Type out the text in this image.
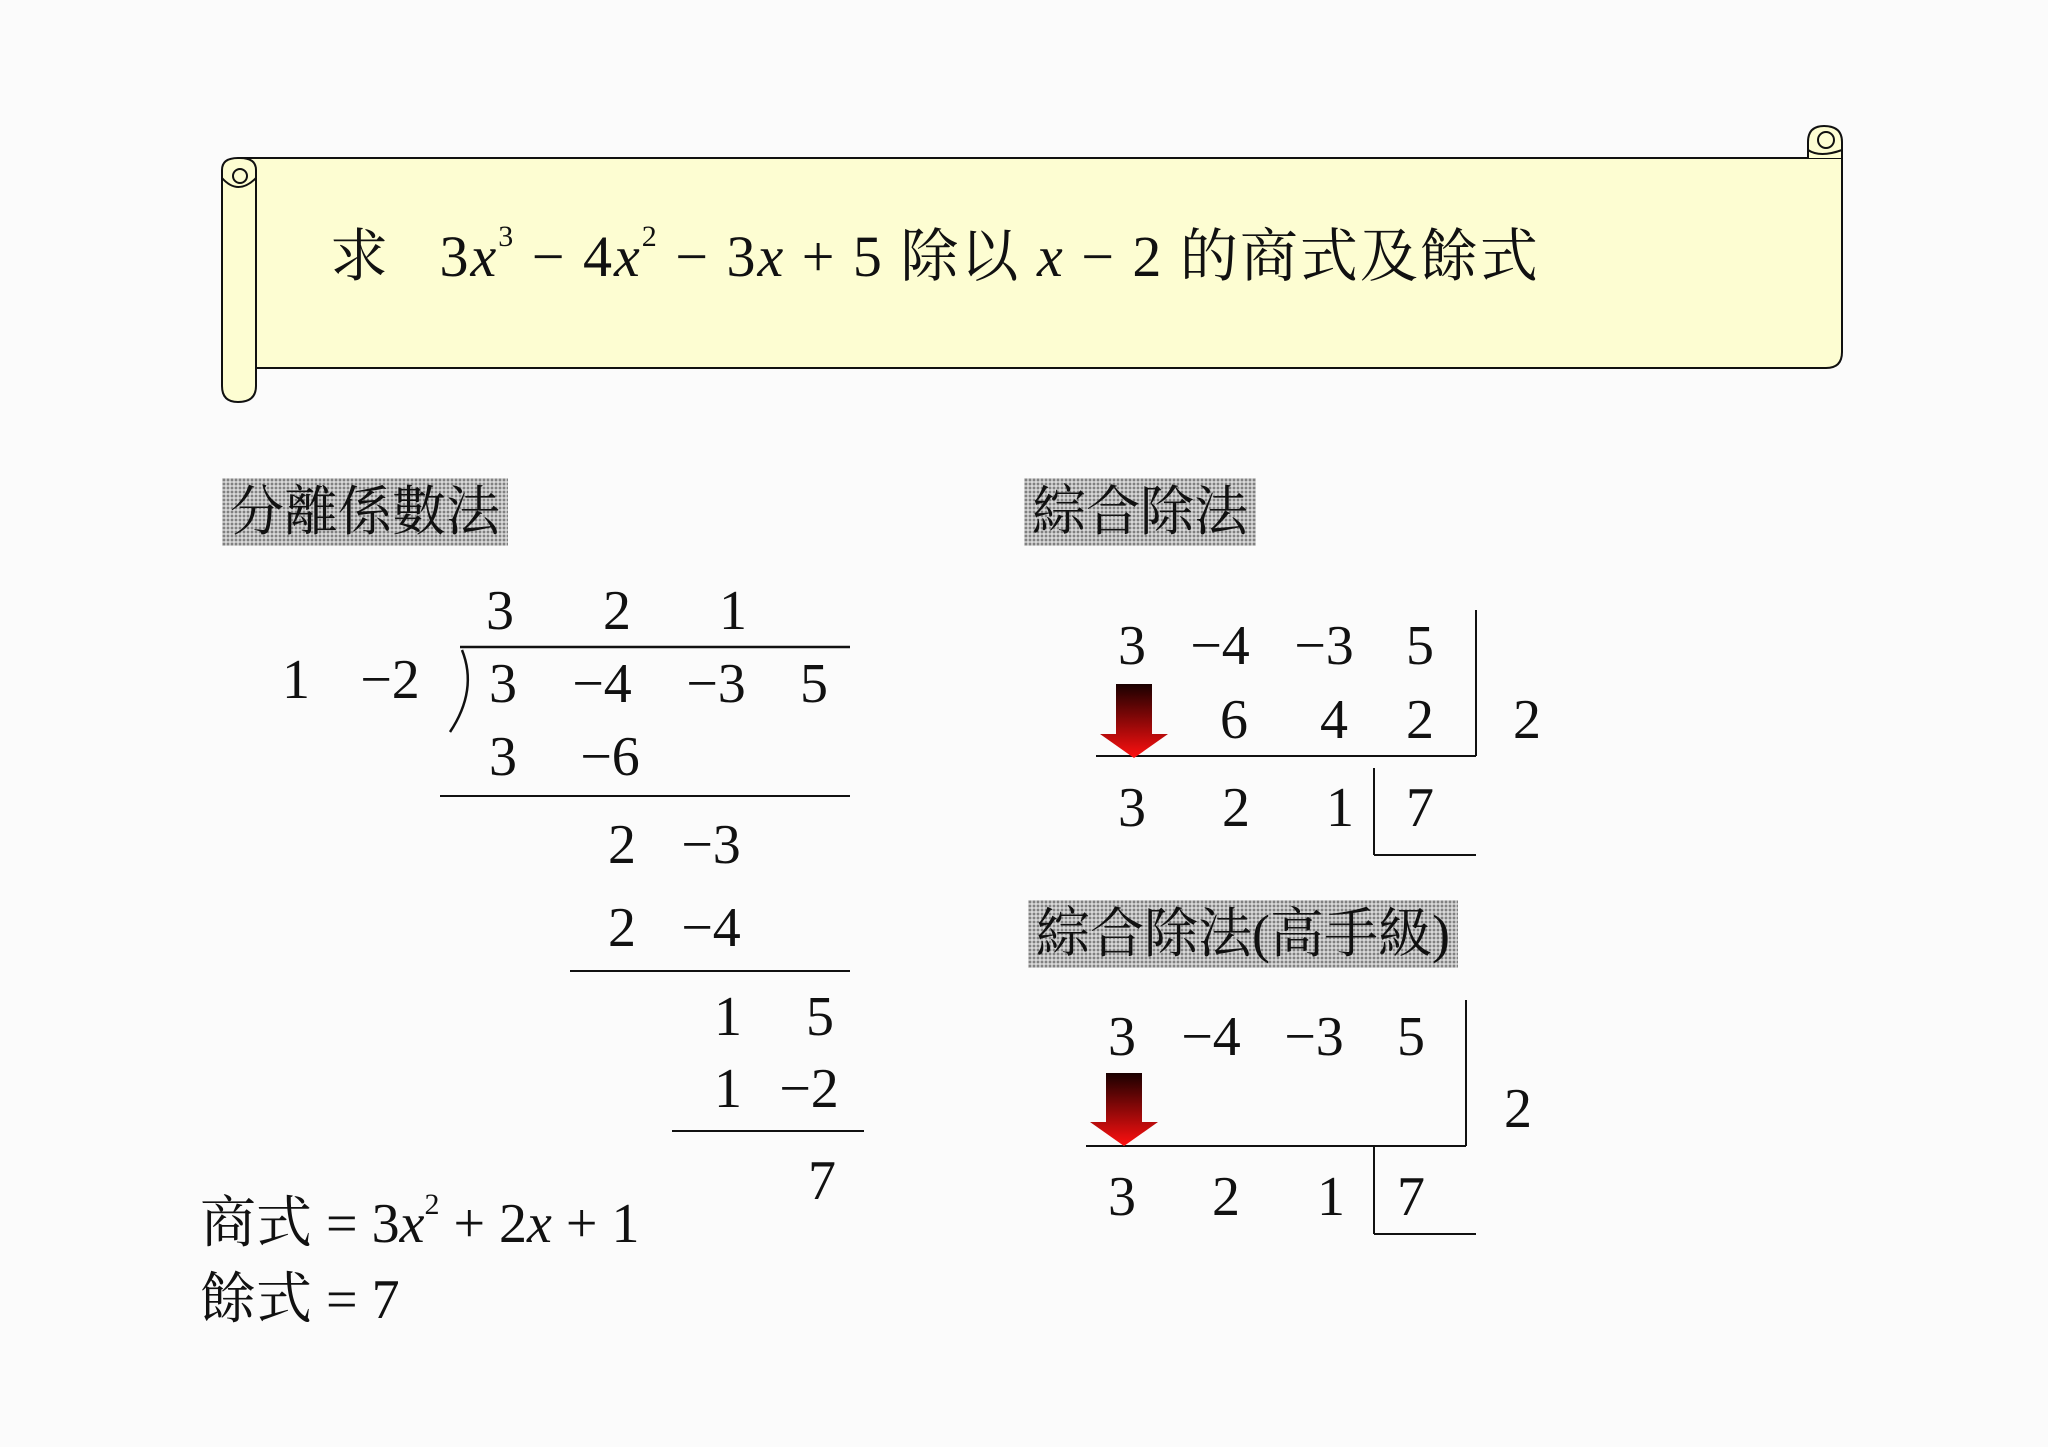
求 $3x^3 - 4x^2 - 3x + 5$ 除以 x − 2 的商式及餘式
分離係數法	綜合除法
綜合除法(高手級)
3 2 1
1 −2 3 −4 −3 5
3 −6
2 −3
2 −4
1 5
1 −2
7
商式 = $3x^2 + 2x + 1$
餘式 = 7
3 −4 −3 5
6 4 2 2
3 2 1 7
3 −4 −3 5
2
3 2 1 7
